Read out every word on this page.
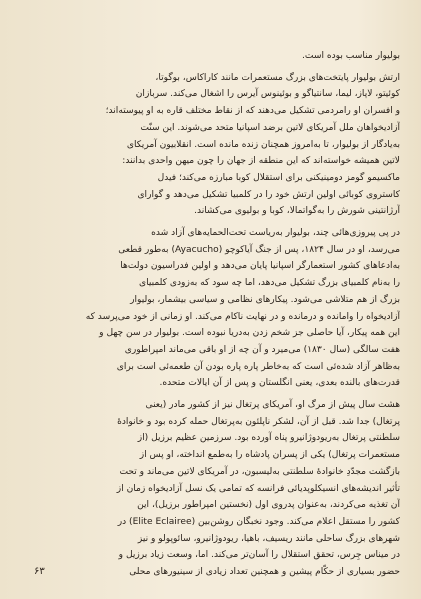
بولیوار مناسب بوده است.
ارتش بولیوار پایتخت‌های بزرگ مستعمرات مانند کاراکاس، بوگوتا،
کوئیتو، لاپاز، لیما، سانتیاگو و بوئینوس آیرس را اشغال می‌کند. سربازان
و افسران او رامردمی تشکیل می‌دهند که از نقاط مختلف قاره به او پیوسته‌اند؛
آزادیخواهان ملل آمریکای لاتین برضد اسپانیا متحد می‌شوند. این سنّت
به‌یادگار از بولیوار، تا به‌امروز همچنان زنده مانده است. انقلابیون آمریکای
لاتین همیشه خواسته‌اند که این منطقه از جهان را چون میهن واحدی بدانند:
ماکسیمو گومز دومینیکنی برای استقلال کوبا مبارزه می‌کند؛ فیدل
کاسترو‌ی کوبائی اولین ارتش خود را در کلمبیا تشکیل می‌دهد و گوارای
آرژانتینی شورش را به‌گواتمالا، کوبا و بولیوی می‌کشاند.
در پی پیروزی‌هائی چند، بولیوار به‌ریاست تحت‌الحمایه‌های آزاد شده
می‌رسد، او در سال ۱۸۲۴، پس از جنگ آیاکوچو (Ayacucho) به‌طور قطعی
به‌ادعاهای کشور استعمارگر اسپانیا پایان می‌دهد و اولین فدراسیون دولت‌ها
را به‌نام کلمبیای بزرگ تشکیل می‌دهد، اما چه سود که به‌زودی کلمبیای
بزرگ از هم متلاشی می‌شود. پیکارهای نظامی و سیاسی بیشمار، بولیوار
آزادیخواه را وامانده و درمانده و در نهایت ناکام می‌کند. او زمانی از خود می‌پرسد که
این همه پیکار، آیا حاصلی جز شخم زدن به‌دریا نبوده است. بولیوار در سن چهل و
هفت سالگی (سال ۱۸۳۰) می‌میرد و آن چه از او باقی می‌ماند امپراطوری
به‌ظاهر آزاد شده‌ئی است که به‌خاطر پاره پاره بودن آن طعمه‌ئی است برای
قدرت‌های بالنده بعدی، یعنی انگلستان و پس از آن ایالات متحده.
هشت سال پیش از مرگ او، آمریکای پرتغال نیز از کشور مادر (یعنی
پرتغال) جدا شد. قبل از آن، لشکر ناپلئون به‌پرتغال حمله کرده بود و خانوادهٔ
سلطنتی پرتغال به‌ریودوژانیرو پناه آورده بود. سرزمین عظیم برزیل (از
مستعمرات پرتغال) یکی از پسران پادشاه را به‌طمع انداخته، او پس از
بازگشت مجدّدِ خانوادهٔ سلطنتی به‌لیسبون، در آمریکای لاتین می‌ماند و تحت
تأثیر اندیشه‌های انسیکلوپدیائی فرانسه که تمامی یک نسل آزادیخواه زمان از
آن تغذیه می‌کردند، به‌عنوان پدروی اول (نخستین امپراطور برزیل)، این
کشور را مستقل اعلام می‌کند. وجود نخبگان روشن‌بین (Elite Eclairee) در
شهرهای بزرگ ساحلی مانند ریسیف، باهیا، ریودوژانیرو، سائوپولو و نیز
در میناس جِرس، تحقق استقلال را آسان‌تر می‌کند. اما، وسعت زیاد برزیل و
حضور بسیاری از حکّام پیشین و همچنین تعداد زیادی از سینیورهای محلی
۶۳
